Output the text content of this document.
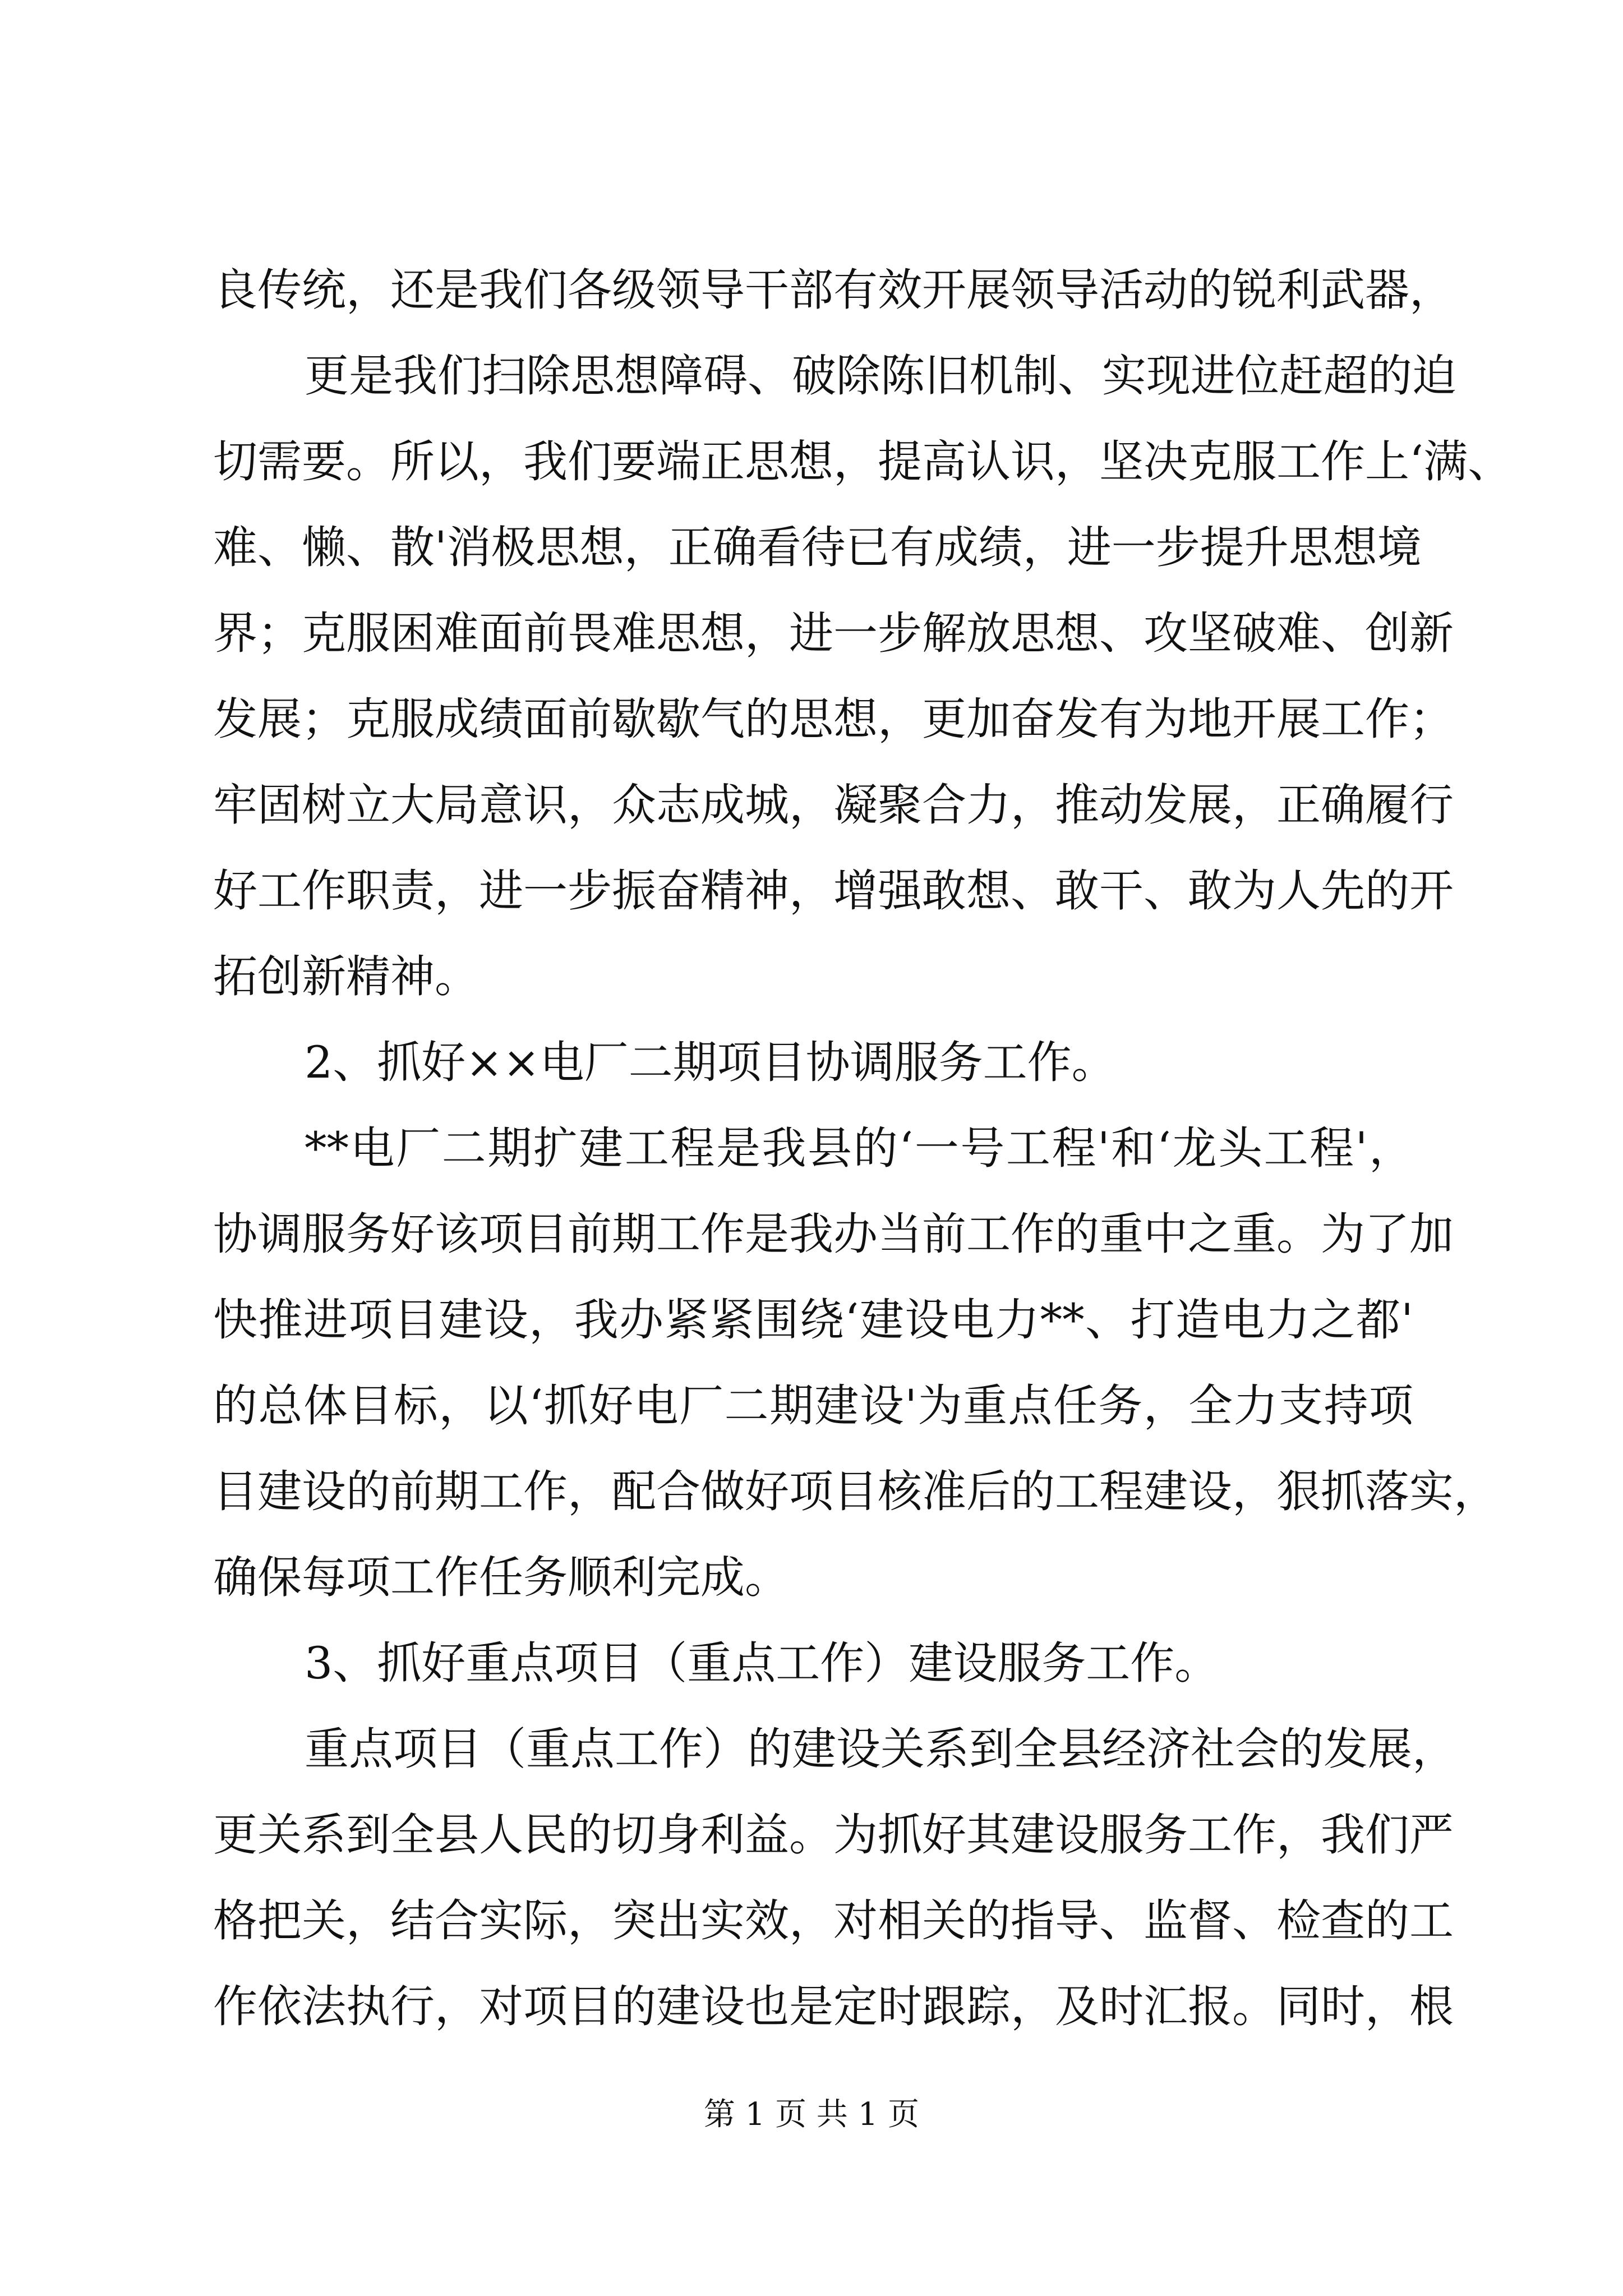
良传统，还是我们各级领导干部有效开展领导活动的锐利武器，
更是我们扫除思想障碍、破除陈旧机制、实现进位赶超的迫
切需要。所以，我们要端正思想，提高认识，坚决克服工作上‘满、
难、懒、散'消极思想，正确看待已有成绩，进一步提升思想境
界；克服困难面前畏难思想，进一步解放思想、攻坚破难、创新
发展；克服成绩面前歇歇气的思想，更加奋发有为地开展工作；
牢固树立大局意识，众志成城，凝聚合力，推动发展，正确履行
好工作职责，进一步振奋精神，增强敢想、敢干、敢为人先的开
拓创新精神。
2、抓好××电厂二期项目协调服务工作。
**电厂二期扩建工程是我县的‘一号工程'和‘龙头工程'，
协调服务好该项目前期工作是我办当前工作的重中之重。为了加
快推进项目建设，我办紧紧围绕‘建设电力**、打造电力之都'
的总体目标，以‘抓好电厂二期建设'为重点任务，全力支持项
目建设的前期工作，配合做好项目核准后的工程建设，狠抓落实，
确保每项工作任务顺利完成。
3、抓好重点项目（重点工作）建设服务工作。
重点项目（重点工作）的建设关系到全县经济社会的发展，
更关系到全县人民的切身利益。为抓好其建设服务工作，我们严
格把关，结合实际，突出实效，对相关的指导、监督、检查的工
作依法执行，对项目的建设也是定时跟踪，及时汇报。同时，根
第 1 页 共 1 页
